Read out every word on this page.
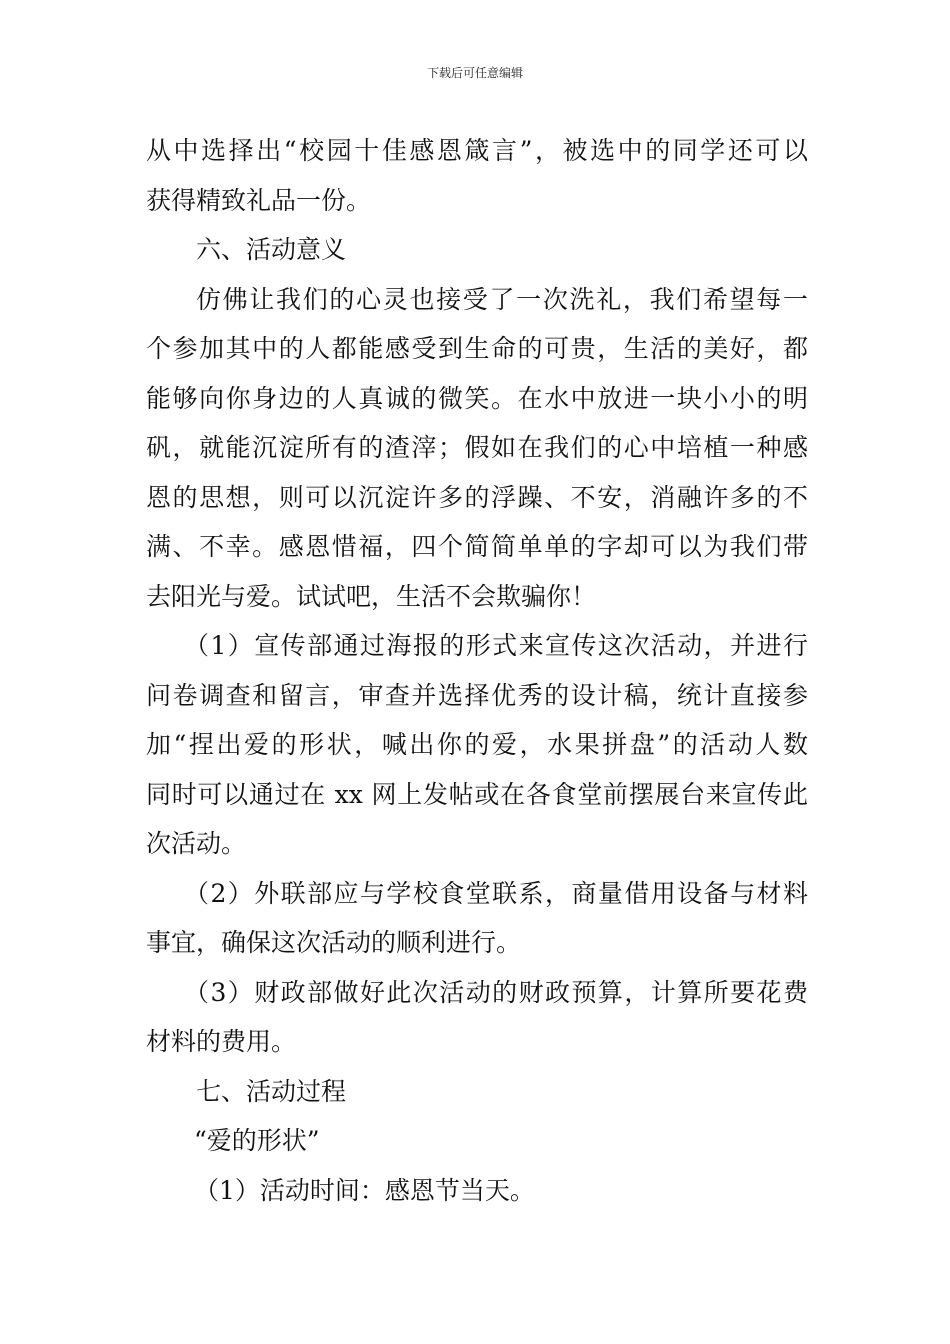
下载后可任意编辑
从中选择出“校园十佳感恩箴言”，被选中的同学还可以
获得精致礼品一份。
六、活动意义
仿佛让我们的心灵也接受了一次洗礼，我们希望每一
个参加其中的人都能感受到生命的可贵，生活的美好，都
能够向你身边的人真诚的微笑。在水中放进一块小小的明
矾，就能沉淀所有的渣滓；假如在我们的心中培植一种感
恩的思想，则可以沉淀许多的浮躁、不安，消融许多的不
满、不幸。感恩惜福，四个简简单单的字却可以为我们带
去阳光与爱。试试吧，生活不会欺骗你！
（1）宣传部通过海报的形式来宣传这次活动，并进行
问卷调查和留言，审查并选择优秀的设计稿，统计直接参
加“捏出爱的形状，喊出你的爱，水果拼盘”的活动人数
同时可以通过在 xx 网上发帖或在各食堂前摆展台来宣传此
次活动。
（2）外联部应与学校食堂联系，商量借用设备与材料
事宜，确保这次活动的顺利进行。
（3）财政部做好此次活动的财政预算，计算所要花费
材料的费用。
七、活动过程
“爱的形状”
（1）活动时间：感恩节当天。
